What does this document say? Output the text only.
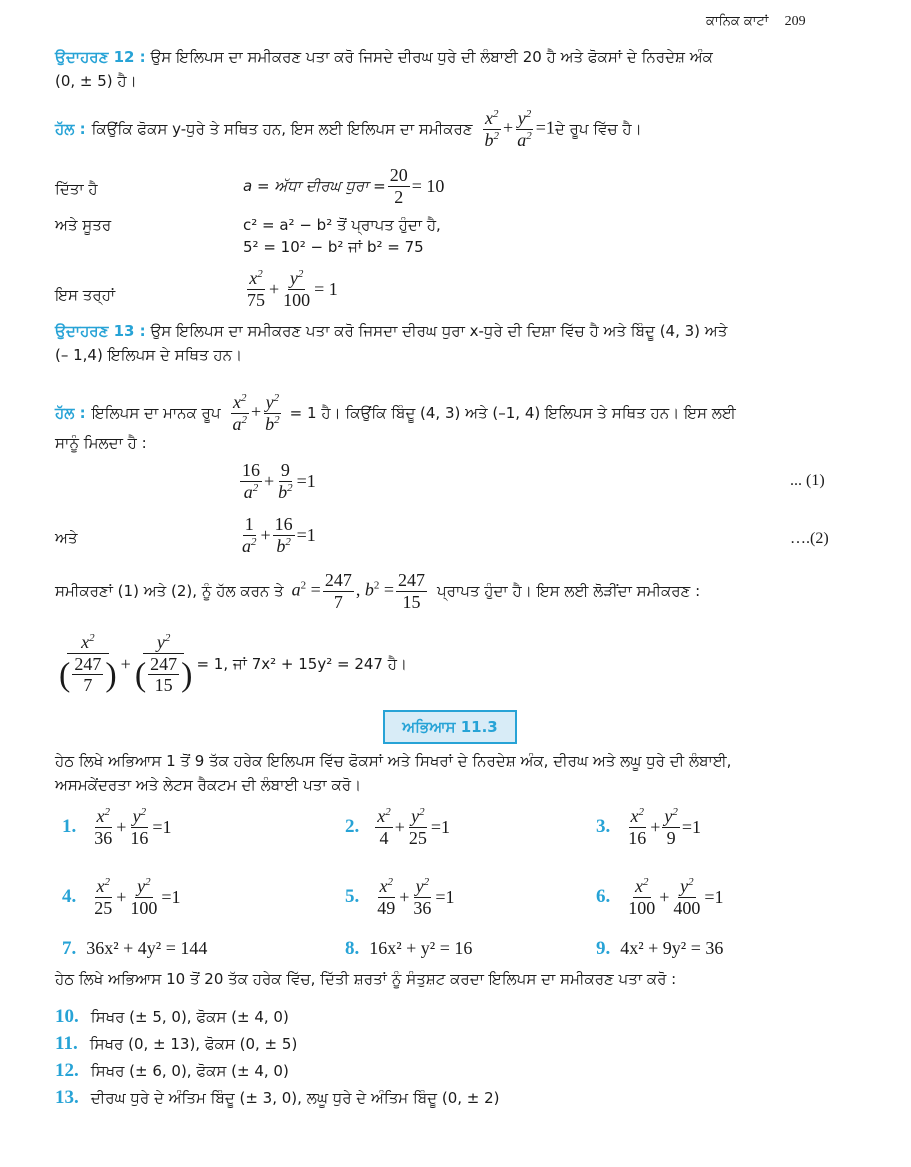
ਕਾਨਿਕ ਕਾਟਾਂ 209
ਉਦਾਹਰਣ 12 : ਉਸ ਇਲਿਪਸ ਦਾ ਸਮੀਕਰਣ ਪਤਾ ਕਰੋ ਜਿਸਦੇ ਦੀਰਘ ਧੁਰੇ ਦੀ ਲੰਬਾਈ 20 ਹੈ ਅਤੇ ਫੋਕਸਾਂ ਦੇ ਨਿਰਦੇਸ਼ ਅੰਕ
(0, ± 5) ਹੈ।
ਹੱਲ : ਕਿਉਂਕਿ ਫੋਕਸ y-ਧੁਰੇ ਤੇ ਸਥਿਤ ਹਨ, ਇਸ ਲਈ ਇਲਿਪਸ ਦਾ ਸਮੀਕਰਣ $\frac{x^2}{b^2} + \frac{y^2}{a^2} =1$ ਦੇ ਰੂਪ ਵਿੱਚ ਹੈ।
ਦਿੱਤਾ ਹੈ	a = ਅੱਧਾ ਦੀਰਘ ਧੁਰਾ = $\frac{20}{2} = 10$
ਅਤੇ ਸੂਤਰ	c² = a² − b² ਤੋਂ ਪ੍ਰਾਪਤ ਹੁੰਦਾ ਹੈ,
5² = 10² − b² ਜਾਂ b² = 75
ਇਸ ਤਰ੍ਹਾਂ	$\frac{x^2}{75} + \frac{y^2}{100} = 1$
ਉਦਾਹਰਣ 13 : ਉਸ ਇਲਿਪਸ ਦਾ ਸਮੀਕਰਣ ਪਤਾ ਕਰੋ ਜਿਸਦਾ ਦੀਰਘ ਧੁਰਾ x-ਧੁਰੇ ਦੀ ਦਿਸ਼ਾ ਵਿੱਚ ਹੈ ਅਤੇ ਬਿੰਦੂ (4, 3) ਅਤੇ
(– 1,4) ਇਲਿਪਸ ਦੇ ਸਥਿਤ ਹਨ।
ਹੱਲ : ਇਲਿਪਸ ਦਾ ਮਾਨਕ ਰੂਪ $\frac{x^2}{a^2} + \frac{y^2}{b^2} = 1$ ਹੈ। ਕਿਉਂਕਿ ਬਿੰਦੂ (4, 3) ਅਤੇ (–1, 4) ਇਲਿਪਸ ਤੇ ਸਥਿਤ ਹਨ। ਇਸ ਲਈ
ਸਾਨੂੰ ਮਿਲਦਾ ਹੈ :
$\frac{16}{a^2} + \frac{9}{b^2} =1$	... (1)
ਅਤੇ	$\frac{1}{a^2} + \frac{16}{b^2} =1$	….(2)
ਸਮੀਕਰਣਾਂ (1) ਅਤੇ (2), ਨੂੰ ਹੱਲ ਕਰਨ ਤੇ $a^2 = \frac{247}{7}$ , $b^2 = \frac{247}{15}$ ਪ੍ਰਾਪਤ ਹੁੰਦਾ ਹੈ। ਇਸ ਲਈ ਲੋੜੀਂਦਾ ਸਮੀਕਰਣ :
$\frac{x^2}{( \frac{247}{7} )} + \frac{y^2}{( \frac{247}{15} )} = 1$, ਜਾਂ 7x² + 15y² = 247 ਹੈ।
ਅਭਿਆਸ 11.3
ਹੇਠ ਲਿਖੇ ਅਭਿਆਸ 1 ਤੋਂ 9 ਤੱਕ ਹਰੇਕ ਇਲਿਪਸ ਵਿੱਚ ਫੋਕਸਾਂ ਅਤੇ ਸਿਖਰਾਂ ਦੇ ਨਿਰਦੇਸ਼ ਅੰਕ, ਦੀਰਘ ਅਤੇ ਲਘੂ ਧੁਰੇ ਦੀ ਲੰਬਾਈ,
ਅਸਮਕੇਂਦਰਤਾ ਅਤੇ ਲੇਟਸ ਰੈਕਟਮ ਦੀ ਲੰਬਾਈ ਪਤਾ ਕਰੋ।
1. $\frac{x^2}{36} + \frac{y^2}{16} =1$	2. $\frac{x^2}{4} + \frac{y^2}{25} =1$	3. $\frac{x^2}{16} + \frac{y^2}{9} =1$
4. $\frac{x^2}{25} + \frac{y^2}{100} =1$	5. $\frac{x^2}{49} + \frac{y^2}{36} =1$	6. $\frac{x^2}{100} + \frac{y^2}{400} =1$
7. 36x² + 4y² = 144	8. 16x² + y² = 16	9. 4x² + 9y² = 36
ਹੇਠ ਲਿਖੇ ਅਭਿਆਸ 10 ਤੋਂ 20 ਤੱਕ ਹਰੇਕ ਵਿੱਚ, ਦਿੱਤੀ ਸ਼ਰਤਾਂ ਨੂੰ ਸੰਤੁਸ਼ਟ ਕਰਦਾ ਇਲਿਪਸ ਦਾ ਸਮੀਕਰਣ ਪਤਾ ਕਰੋ :
10. ਸਿਖਰ (± 5, 0), ਫੋਕਸ (± 4, 0)
11. ਸਿਖਰ (0, ± 13), ਫੋਕਸ (0, ± 5)
12. ਸਿਖਰ (± 6, 0), ਫੋਕਸ (± 4, 0)
13. ਦੀਰਘ ਧੁਰੇ ਦੇ ਅੰਤਿਮ ਬਿੰਦੂ (± 3, 0), ਲਘੂ ਧੁਰੇ ਦੇ ਅੰਤਿਮ ਬਿੰਦੂ (0, ± 2)
